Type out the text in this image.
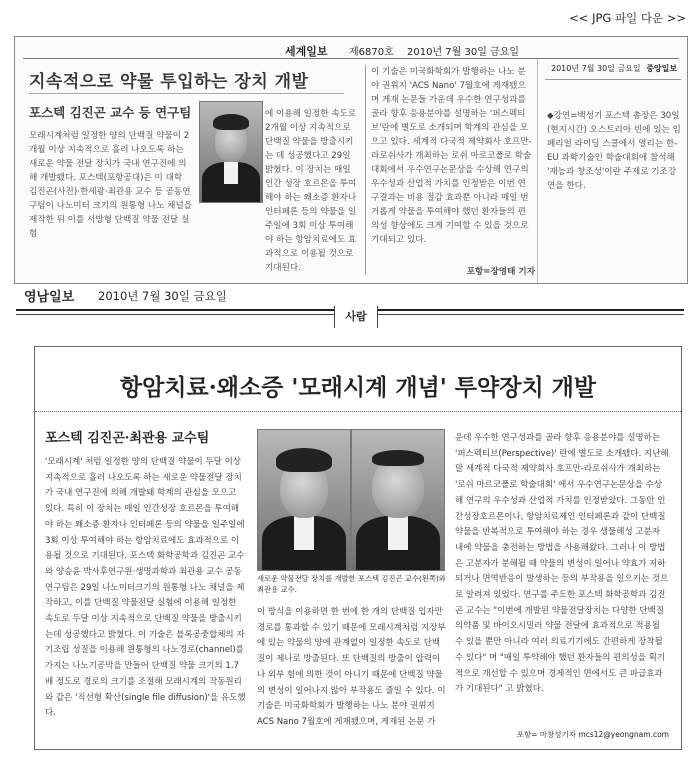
<< JPG 파일 다운 >>
세계일보 제6870호 2010년 7월 30일 금요일
지속적으로 약물 투입하는 장치 개발
포스텍 김진곤 교수 등 연구팀
모래시계처럼 일정한 양의 단백질 약물이 2개월 이상 지속적으로 흘러 나오도록 하는 새로운 약물 전달 장치가 국내 연구진에 의해 개발됐다. 포스텍(포항공대)은 이 대학 김진곤(사진)·한세광·최관용 교수 등 공동연구팀이 나노미터 크기의 원통형 나노 채널을 제작한 뒤 이를 서방형 단백질 약물 전달 실험
에 이용해 일정한 속도로 2개월 이상 지속적으로 단백질 약물을 방출시키는 데 성공했다고 29일 밝혔다. 이 장치는 매일 인간 성장 호르몬을 투여해야 하는 왜소증 환자나 인터페론 등의 약물을 일주일에 3회 이상 투여해야 하는 항암치료에도 효과적으로 이용될 것으로 기대된다.
이 기술은 미국화학회가 발행하는 나노 분야 권위지 'ACS Nano' 7월호에 게재됐으며 게재 논문들 가운데 우수한 연구성과를 골라 향후 응용분야를 설명하는 '퍼스펙티브'란에 별도로 소개되며 학계의 관심을 모으고 있다. 세계적 다국적 제약회사 호프만-라로쉬사가 개최하는 로쉬 마로코폴로 학술대회에서 우수연구논문상을 수상해 연구의 우수성과 산업적 가치를 인정받은 이번 연구결과는 비용 절감 효과뿐 아니라 매일 번거롭게 약물을 투여해야 했던 환자들의 편의성 향상에도 크게 기여할 수 있을 것으로 기대되고 있다.
포항=장영태 기자
2010년 7월 30일 금요일 중앙일보
◆강연=백성기 포스텍 총장은 30일(현지시간) 오스트리아 빈에 있는 임페리얼 라이딩 스쿨에서 열리는 한-EU 과학기술인 학술대회에 참석해 '재능과 창조성'이란 주제로 기조강연을 한다.
영남일보 2010년 7월 30일 금요일
사람
항암치료·왜소증 '모래시계 개념' 투약장치 개발
포스텍 김진곤·최관용 교수팀
'모래시계' 처럼 일정한 양의 단백질 약물이 두달 이상 지속적으로 흘러 나오도록 하는 새로운 약물전달 장치가 국내 연구진에 의해 개발돼 학계의 관심을 모으고 있다. 특히 이 장치는 매일 인간성장 호르몬을 투여해야 하는 왜소증 환자나 인터페론 등의 약물을 일주일에 3회 이상 투여해야 하는 항암치료에도 효과적으로 이용될 것으로 기대된다. 포스텍 화학공학과 김진곤 교수와 양승윤 박사후연구원·생명과학과 최관용 교수 공동연구팀은 29일 나노미터크기의 원통형 나노 채널을 제작하고, 이를 단백질 약물전달 실험에 이용해 일정한 속도로 두달 이상 지속적으로 단백질 약물을 방출시키는데 성공했다고 밝혔다. 이 기술은 블록공중합체의 자기조립 성질을 이용해 원통형의 나노경로(channel)를 가지는 나노기공막을 만들어 단백질 약물 크기의 1.7배 정도로 경로의 크기를 조절해 모래시계의 작동원리와 같은 '직선형 확산(single file diffusion)'을 유도했다.
새로운 약물전달 장치를 개발한 포스텍 김진곤 교수(왼쪽)와 최관용 교수.
이 방식을 이용하면 한 번에 한 개의 단백질 입자만 경로를 통과할 수 있기 때문에 모래시계처럼 지장부에 있는 약물의 양에 관계없이 일정한 속도로 단백질이 제나로 방출된다. 또 단백질의 방출이 압력이나 외부 힘에 의한 것이 아니기 때문에 단백질 약물의 변성이 일어나지 않아 부작용도 줄일 수 있다. 이 기술은 미국화학회가 발행하는 나노 분야 권위지 ACS Nano 7월호에 게재됐으며, 게재된 논문 가
운데 우수한 연구성과를 골라 향후 응용분야를 설명하는 '퍼스펙티브(Perspective)' 란에 별도로 소개됐다. 지난해 말 세계적 다국적 제약회사 호프만-라로쉬사가 개최하는 '로쉬 마르코폴로 학술대회' 에서 우수연구논문상을 수상해 연구의 우수성과 산업적 가치를 인정받았다. 그동안 인간성장호르몬이나, 항암치료제인 인터페론과 같이 단백질 약물을 반복적으로 투여해야 하는 경우 생물해성 고분자 내에 약물을 충전하는 방법을 사용해왔다. 그러나 이 방법은 고분자가 분해될 때 약물의 변성이 일어나 약효가 저하되거나 면역반응이 발생하는 등의 부작용을 일으키는 것으로 알려져 있었다. 연구를 주도한 포스텍 화학공학과 김진곤 교수는 "이번에 개발된 약물전달장치는 다양한 단백질 의약품 및 바이오시밀러 약물 전달에 효과적으로 적용될 수 있을 뿐만 아니라 여러 의료기기에도 간편하게 장착될 수 있다" 며 "매일 투약해야 했던 환자들의 편의성을 획기적으로 개선할 수 있으며 경제적인 면에서도 큰 파급효과가 기대된다" 고 밝혔다.
포항= 마창성기자 mcs12@yeongnam.com
